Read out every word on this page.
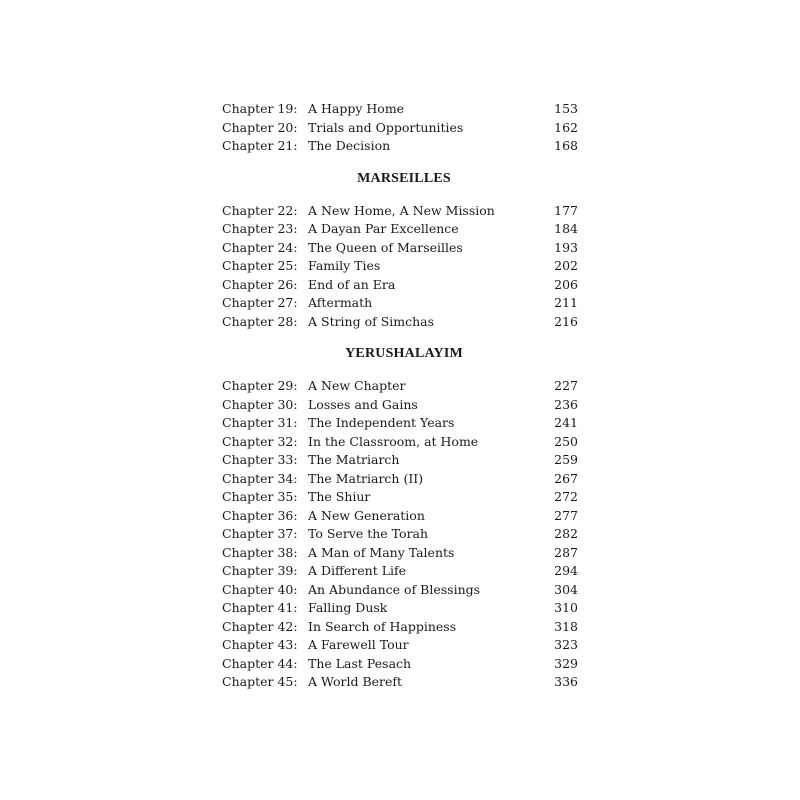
Chapter 19: A Happy Home	153
Chapter 20: Trials and Opportunities	162
Chapter 21: The Decision	168
MARSEILLES
Chapter 22: A New Home, A New Mission	177
Chapter 23: A Dayan Par Excellence	184
Chapter 24: The Queen of Marseilles	193
Chapter 25: Family Ties	202
Chapter 26: End of an Era	206
Chapter 27: Aftermath	211
Chapter 28: A String of Simchas	216
YERUSHALAYIM
Chapter 29: A New Chapter	227
Chapter 30: Losses and Gains	236
Chapter 31: The Independent Years	241
Chapter 32: In the Classroom, at Home	250
Chapter 33: The Matriarch	259
Chapter 34: The Matriarch (II)	267
Chapter 35: The Shiur	272
Chapter 36: A New Generation	277
Chapter 37: To Serve the Torah	282
Chapter 38: A Man of Many Talents	287
Chapter 39: A Different Life	294
Chapter 40: An Abundance of Blessings	304
Chapter 41: Falling Dusk	310
Chapter 42: In Search of Happiness	318
Chapter 43: A Farewell Tour	323
Chapter 44: The Last Pesach	329
Chapter 45: A World Bereft	336
